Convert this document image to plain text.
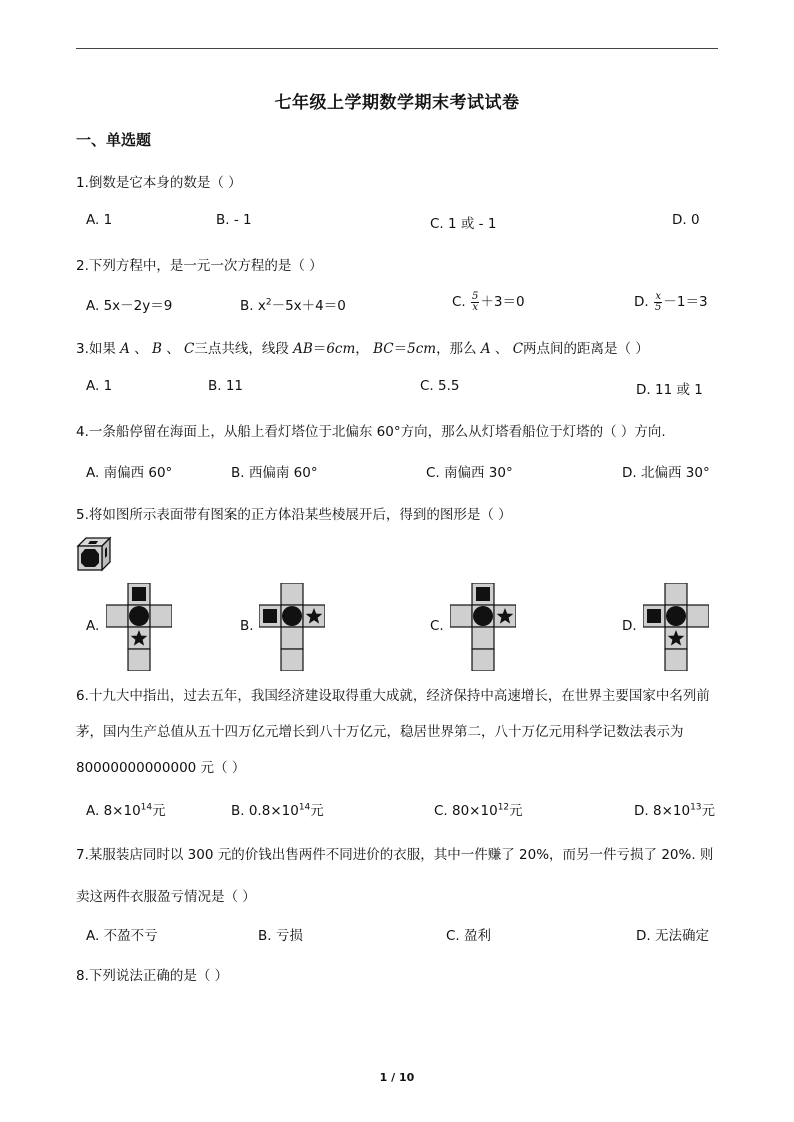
七年级上学期数学期末考试试卷
一、单选题
1.倒数是它本身的数是（ ）
A. 1	B. - 1	C. 1 或 - 1	D. 0
2.下列方程中，是一元一次方程的是（ ）
A. 5x－2y＝9	B. $x^2-5x+4=0$	C. $\frac{5}{x} +3=0$	D. $\frac{x}{5} -1=3$
3.如果 A 、 B 、 C三点共线，线段 AB＝6cm， BC＝5cm，那么 A 、 C两点间的距离是（ ）
A. 1	B. 11	C. 5.5	D. 11 或 1
4.一条船停留在海面上，从船上看灯塔位于北偏东 60°方向，那么从灯塔看船位于灯塔的（ ）方向.
A. 南偏西 60°	B. 西偏南 60°	C. 南偏西 30°	D. 北偏西 30°
5.将如图所示表面带有图案的正方体沿某些棱展开后，得到的图形是（ ）
A.	B.	C.	D.
6.十九大中指出，过去五年，我国经济建设取得重大成就，经济保持中高速增长，在世界主要国家中名列前茅，国内生产总值从五十四万亿元增长到八十万亿元，稳居世界第二，八十万亿元用科学记数法表示为 80000000000000 元（ ）
A. $8\times 10^{14}$元	B. $0.8\times 10^{14}$元	C. $80\times 10^{12}$元	D. $8\times 10^{13}$元
7.某服装店同时以 300 元的价钱出售两件不同进价的衣服，其中一件赚了 20%，而另一件亏损了 20%. 则卖这两件衣服盈亏情况是（ ）
A. 不盈不亏	B. 亏损	C. 盈利	D. 无法确定
8.下列说法正确的是（ ）
1 / 10
